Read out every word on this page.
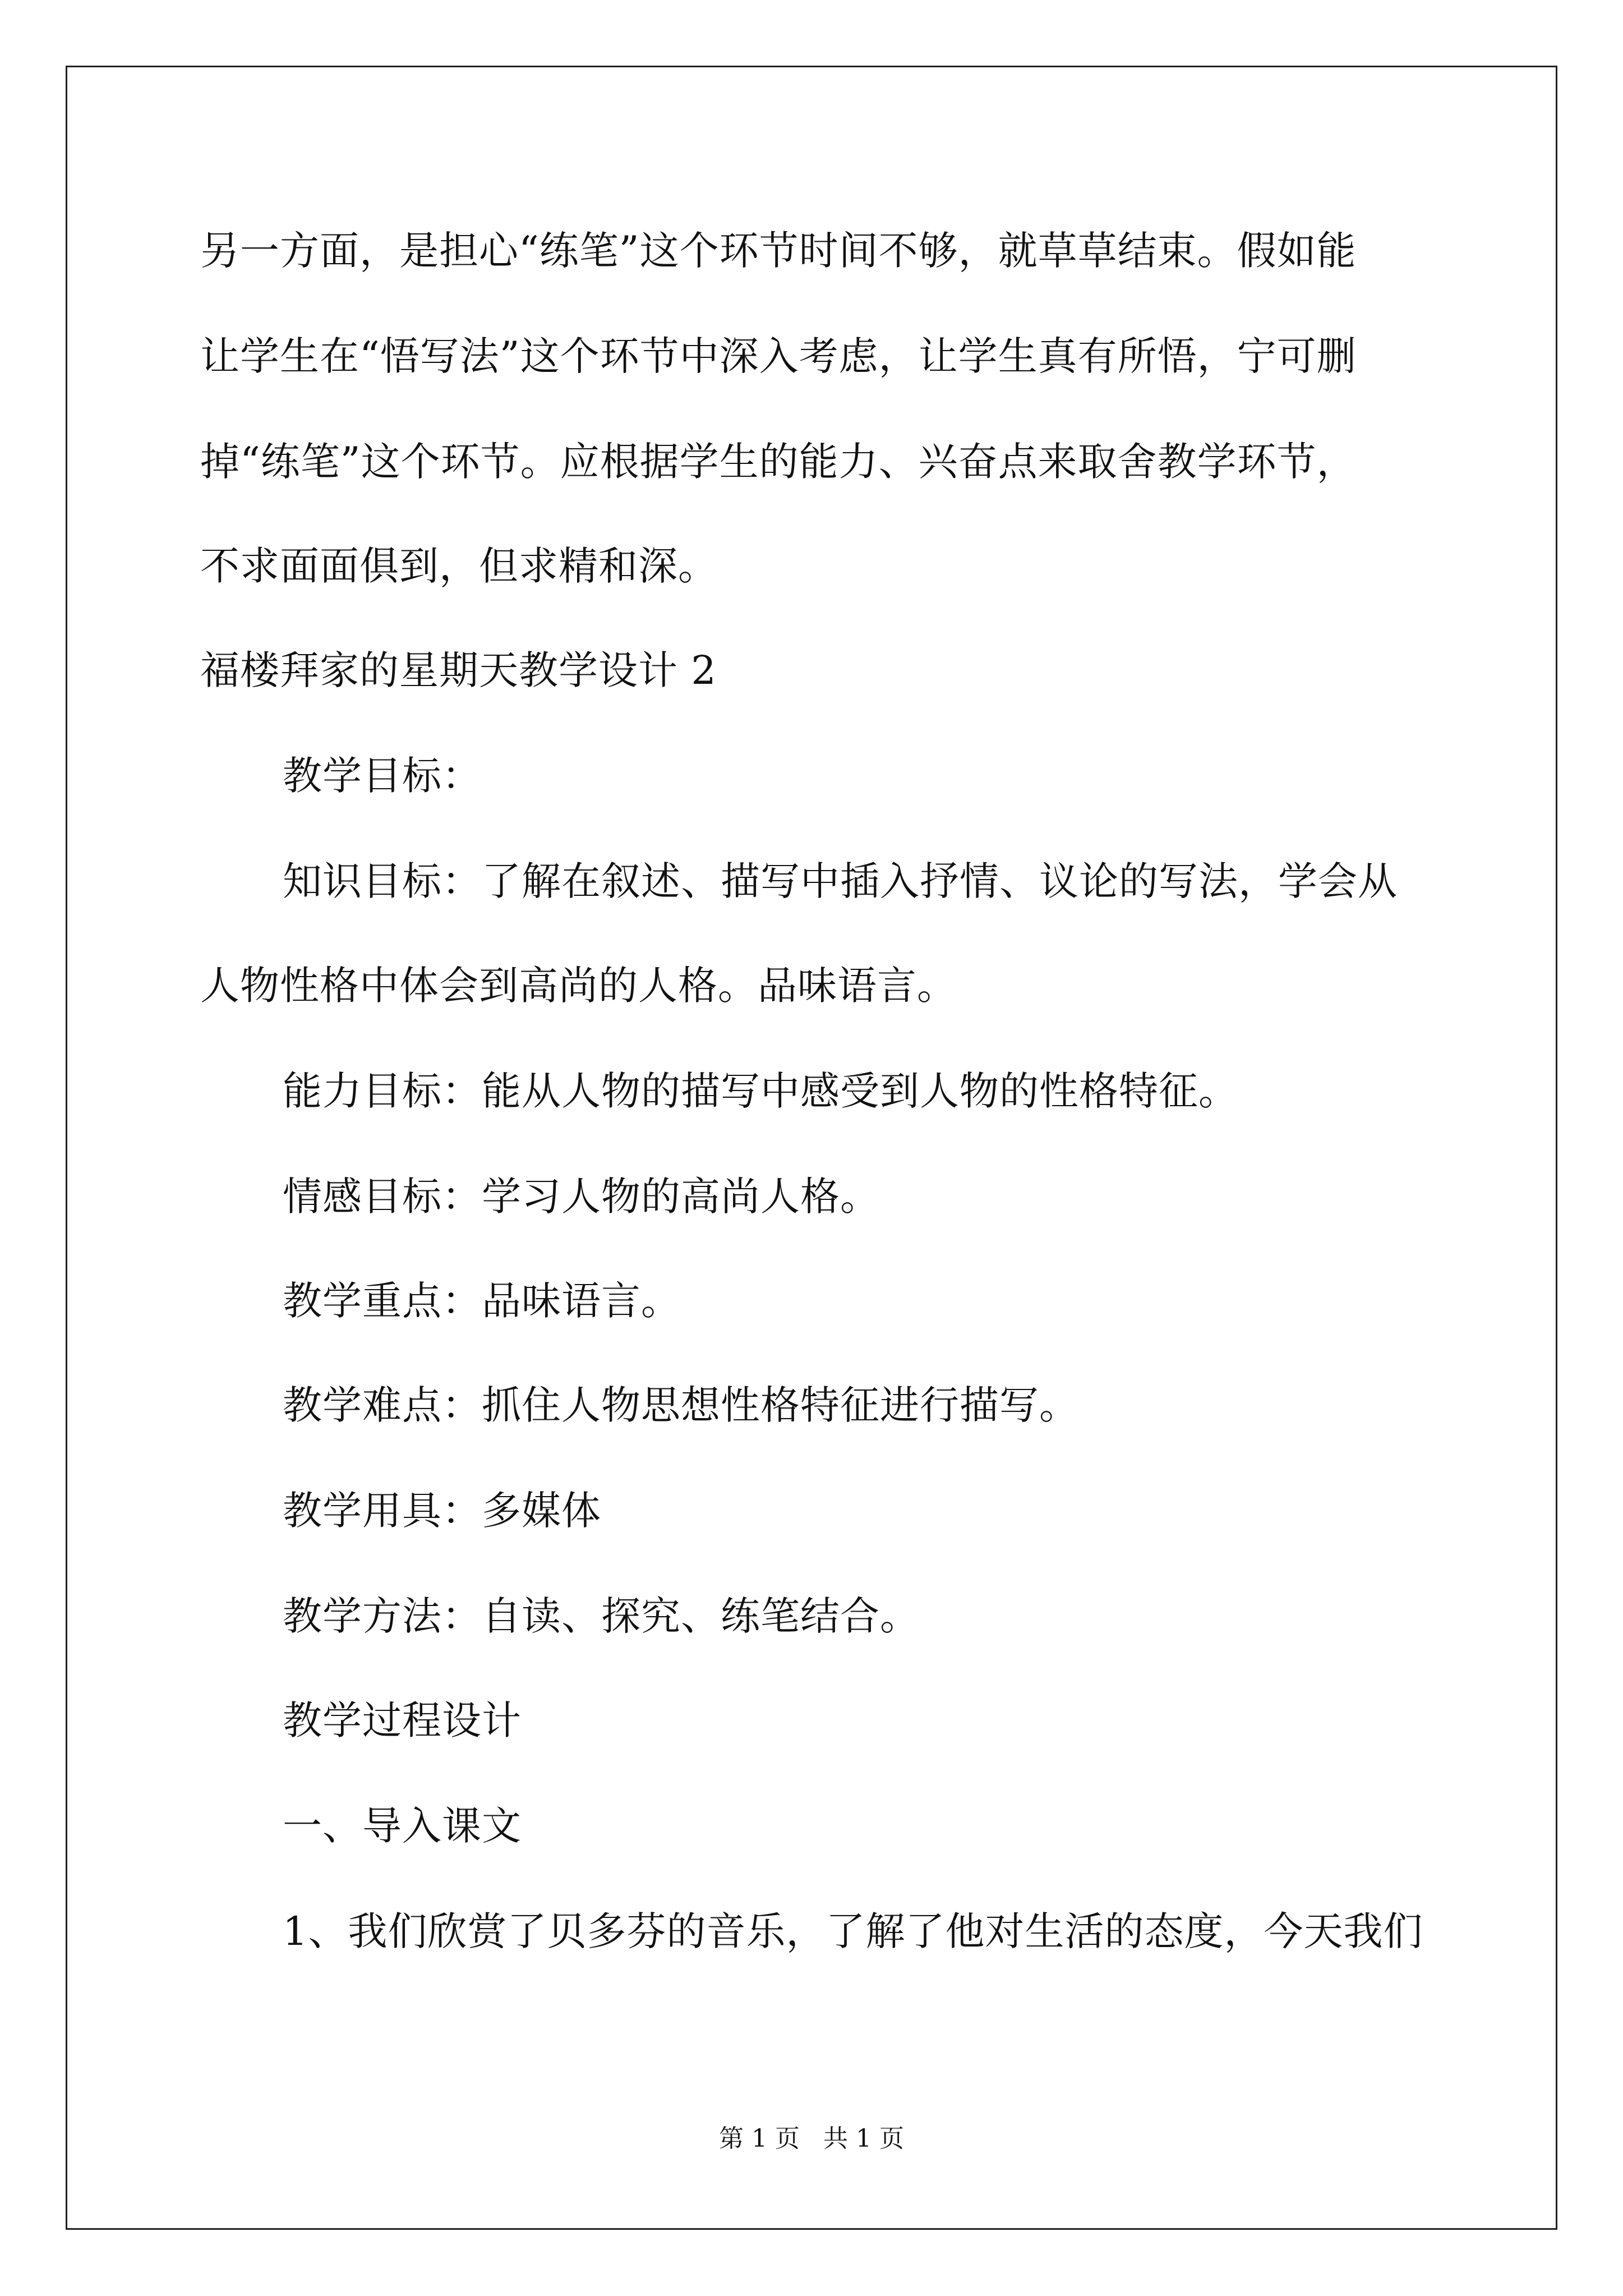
另一方面，是担心“练笔”这个环节时间不够，就草草结束。假如能
让学生在“悟写法”这个环节中深入考虑，让学生真有所悟，宁可删
掉“练笔”这个环节。应根据学生的能力、兴奋点来取舍教学环节，
不求面面俱到，但求精和深。
福楼拜家的星期天教学设计 2
教学目标：
知识目标：了解在叙述、描写中插入抒情、议论的写法，学会从
人物性格中体会到高尚的人格。品味语言。
能力目标：能从人物的描写中感受到人物的性格特征。
情感目标：学习人物的高尚人格。
教学重点：品味语言。
教学难点：抓住人物思想性格特征进行描写。
教学用具：多媒体
教学方法：自读、探究、练笔结合。
教学过程设计
一、导入课文
1、我们欣赏了贝多芬的音乐，了解了他对生活的态度，今天我们
第 1 页   共 1 页
